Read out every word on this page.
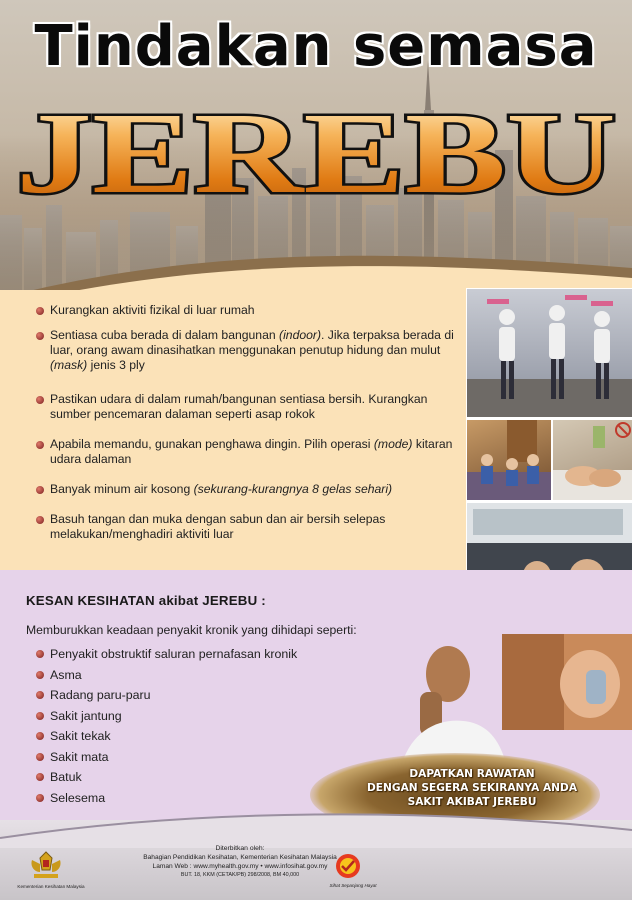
Tindakan semasa
JEREBU
Kurangkan aktiviti fizikal di luar rumah
Sentiasa cuba berada di dalam bangunan (indoor). Jika terpaksa berada di luar, orang awam dinasihatkan menggunakan penutup hidung dan mulut (mask) jenis 3 ply
Pastikan udara di dalam rumah/bangunan sentiasa bersih. Kurangkan sumber pencemaran dalaman seperti asap rokok
Apabila memandu, gunakan penghawa dingin. Pilih operasi (mode) kitaran udara dalaman
Banyak minum air kosong (sekurang-kurangnya 8 gelas sehari)
Basuh tangan dan muka dengan sabun dan air bersih selepas melakukan/menghadiri aktiviti luar
KESAN KESIHATAN akibat JEREBU :
Memburukkan keadaan penyakit kronik yang dihidapi seperti:
Penyakit obstruktif saluran pernafasan kronik
Asma
Radang paru-paru
Sakit jantung
Sakit tekak
Sakit mata
Batuk
Selesema
DAPATKAN RAWATAN
DENGAN SEGERA SEKIRANYA ANDA
SAKIT AKIBAT JEREBU
Kementerian Kesihatan Malaysia
Diterbitkan oleh:
Bahagian Pendidikan Kesihatan, Kementerian Kesihatan Malaysia
Laman Web : www.myhealth.gov.my • www.infosihat.gov.my
BUT. 18, KKM (CETAK/PB) 298/2008, BM 40,000
Sihat Sepanjang Hayat
